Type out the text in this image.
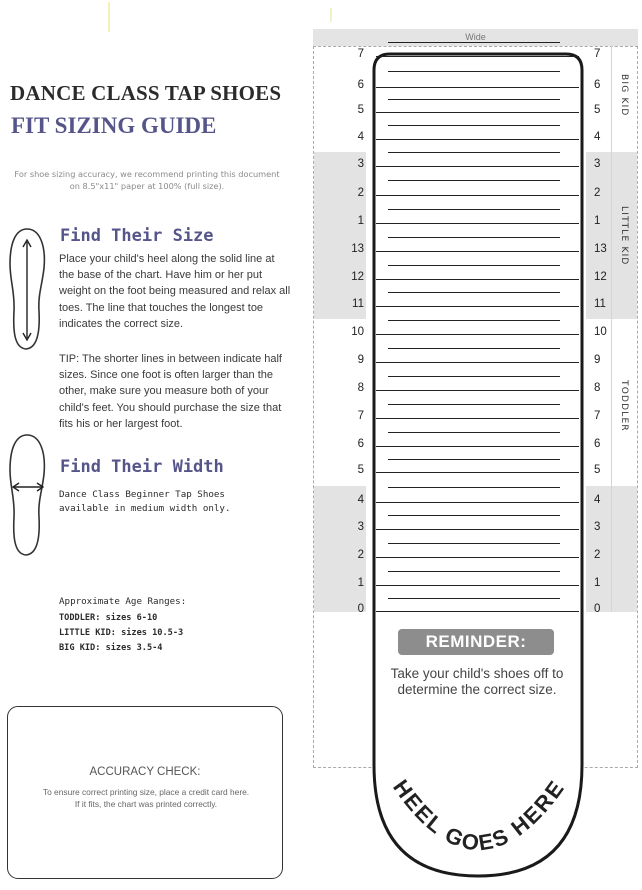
DANCE CLASS TAP SHOES
FIT SIZING GUIDE
For shoe sizing accuracy, we recommend printing this document on 8.5"x11" paper at 100% (full size).
Find Their Size
Place your child's heel along the solid line at the base of the chart. Have him or her put weight on the foot being measured and relax all toes. The line that touches the longest toe indicates the correct size.
TIP: The shorter lines in between indicate half sizes. Since one foot is often larger than the other, make sure you measure both of your child's feet. You should purchase the size that fits his or her largest foot.
Find Their Width
Dance Class Beginner Tap Shoes available in medium width only.
Approximate Age Ranges:
TODDLER: sizes 6-10
LITTLE KID: sizes 10.5-3
BIG KID: sizes 3.5-4
ACCURACY CHECK:
To ensure correct printing size, place a credit card here. If it fits, the chart was printed correctly.
Wide
BIG KID
LITTLE KID
TODDLER
HEEL GOES HERE
7	7
6	6
5	5
4	4
3	3
2	2
1	1
13	13
12	12
11	11
10	10
9	9
8	8
7	7
6	6
5	5
4	4
3	3
2	2
1	1
0	0
REMINDER:
Take your child's shoes off to determine the correct size.
